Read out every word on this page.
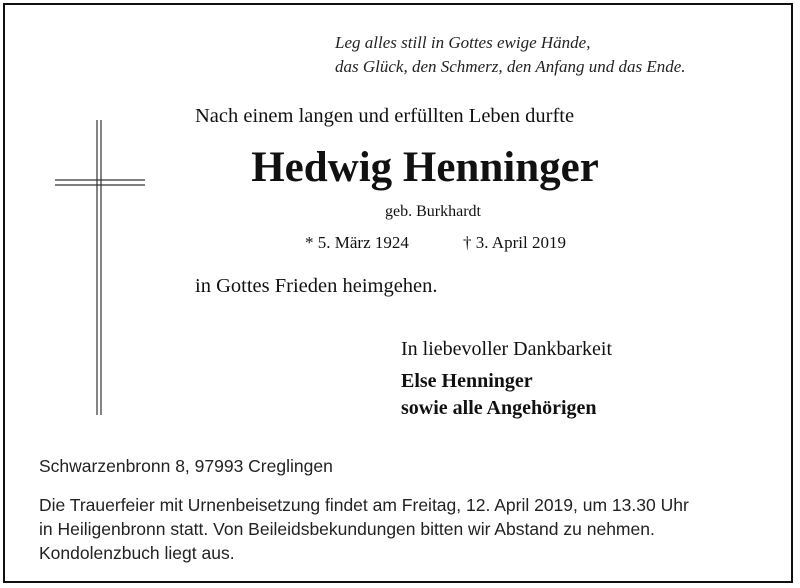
Leg alles still in Gottes ewige Hände,
das Glück, den Schmerz, den Anfang und das Ende.
Nach einem langen und erfüllten Leben durfte
Hedwig Henninger
geb. Burkhardt
* 5. März 1924	† 3. April 2019
in Gottes Frieden heimgehen.
In liebevoller Dankbarkeit
Else Henninger
sowie alle Angehörigen
Schwarzenbronn 8, 97993 Creglingen
Die Trauerfeier mit Urnenbeisetzung findet am Freitag, 12. April 2019, um 13.30 Uhr
in Heiligenbronn statt. Von Beileidsbekundungen bitten wir Abstand zu nehmen.
Kondolenzbuch liegt aus.
